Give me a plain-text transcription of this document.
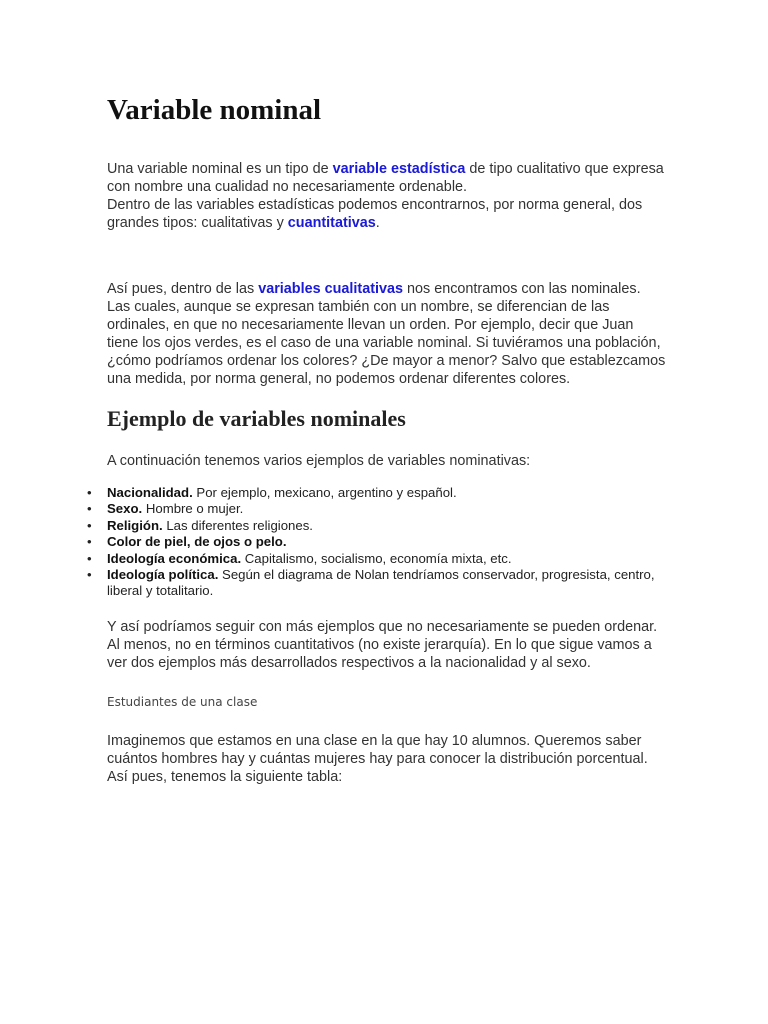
Variable nominal

Una variable nominal es un tipo de variable estadística de tipo cualitativo que expresa con nombre una cualidad no necesariamente ordenable.
Dentro de las variables estadísticas podemos encontrarnos, por norma general, dos grandes tipos: cualitativas y cuantitativas.

Así pues, dentro de las variables cualitativas nos encontramos con las nominales. Las cuales, aunque se expresan también con un nombre, se diferencian de las ordinales, en que no necesariamente llevan un orden. Por ejemplo, decir que Juan tiene los ojos verdes, es el caso de una variable nominal. Si tuviéramos una población, ¿cómo podríamos ordenar los colores? ¿De mayor a menor? Salvo que establezcamos una medida, por norma general, no podemos ordenar diferentes colores.

Ejemplo de variables nominales

A continuación tenemos varios ejemplos de variables nominativas:

• Nacionalidad. Por ejemplo, mexicano, argentino y español.
• Sexo. Hombre o mujer.
• Religión. Las diferentes religiones.
• Color de piel, de ojos o pelo.
• Ideología económica. Capitalismo, socialismo, economía mixta, etc.
• Ideología política. Según el diagrama de Nolan tendríamos conservador, progresista, centro, liberal y totalitario.

Y así podríamos seguir con más ejemplos que no necesariamente se pueden ordenar. Al menos, no en términos cuantitativos (no existe jerarquía). En lo que sigue vamos a ver dos ejemplos más desarrollados respectivos a la nacionalidad y al sexo.

Estudiantes de una clase

Imaginemos que estamos en una clase en la que hay 10 alumnos. Queremos saber cuántos hombres hay y cuántas mujeres hay para conocer la distribución porcentual. Así pues, tenemos la siguiente tabla:
